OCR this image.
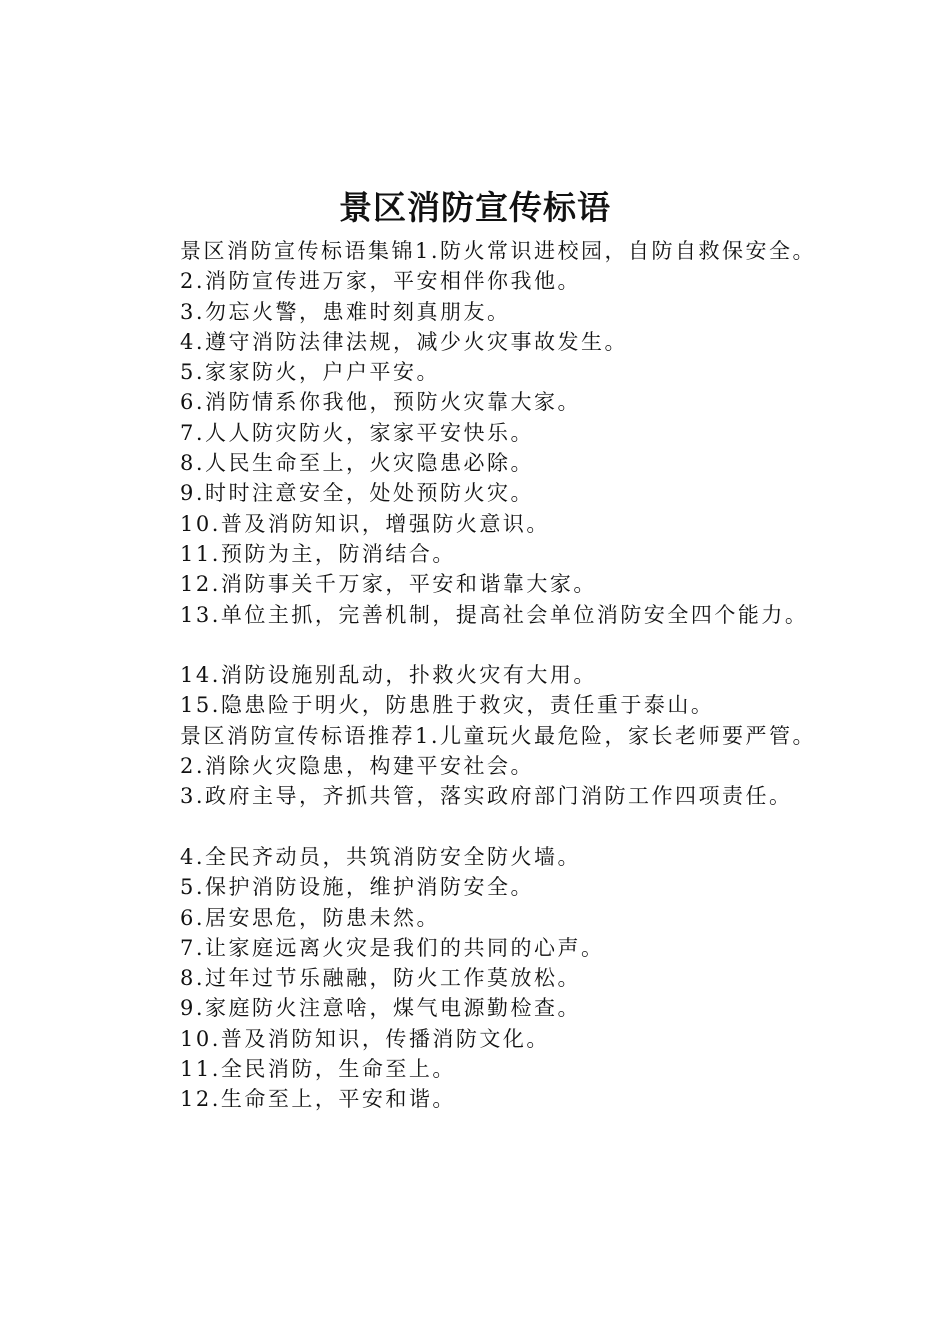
景区消防宣传标语

景区消防宣传标语集锦1.防火常识进校园，自防自救保安全。

2.消防宣传进万家，平安相伴你我他。
3.勿忘火警，患难时刻真朋友。
4.遵守消防法律法规，减少火灾事故发生。
5.家家防火，户户平安。
6.消防情系你我他，预防火灾靠大家。
7.人人防灾防火，家家平安快乐。
8.人民生命至上，火灾隐患必除。
9.时时注意安全，处处预防火灾。
10.普及消防知识，增强防火意识。
11.预防为主，防消结合。
12.消防事关千万家，平安和谐靠大家。
13.单位主抓，完善机制，提高社会单位消防安全四个能力。
14.消防设施别乱动，扑救火灾有大用。
15.隐患险于明火，防患胜于救灾，责任重于泰山。

景区消防宣传标语推荐1.儿童玩火最危险，家长老师要严管。

2.消除火灾隐患，构建平安社会。
3.政府主导，齐抓共管，落实政府部门消防工作四项责任。
4.全民齐动员，共筑消防安全防火墙。
5.保护消防设施，维护消防安全。
6.居安思危，防患未然。
7.让家庭远离火灾是我们的共同的心声。
8.过年过节乐融融，防火工作莫放松。
9.家庭防火注意啥，煤气电源勤检查。
10.普及消防知识，传播消防文化。
11.全民消防，生命至上。
12.生命至上，平安和谐。
